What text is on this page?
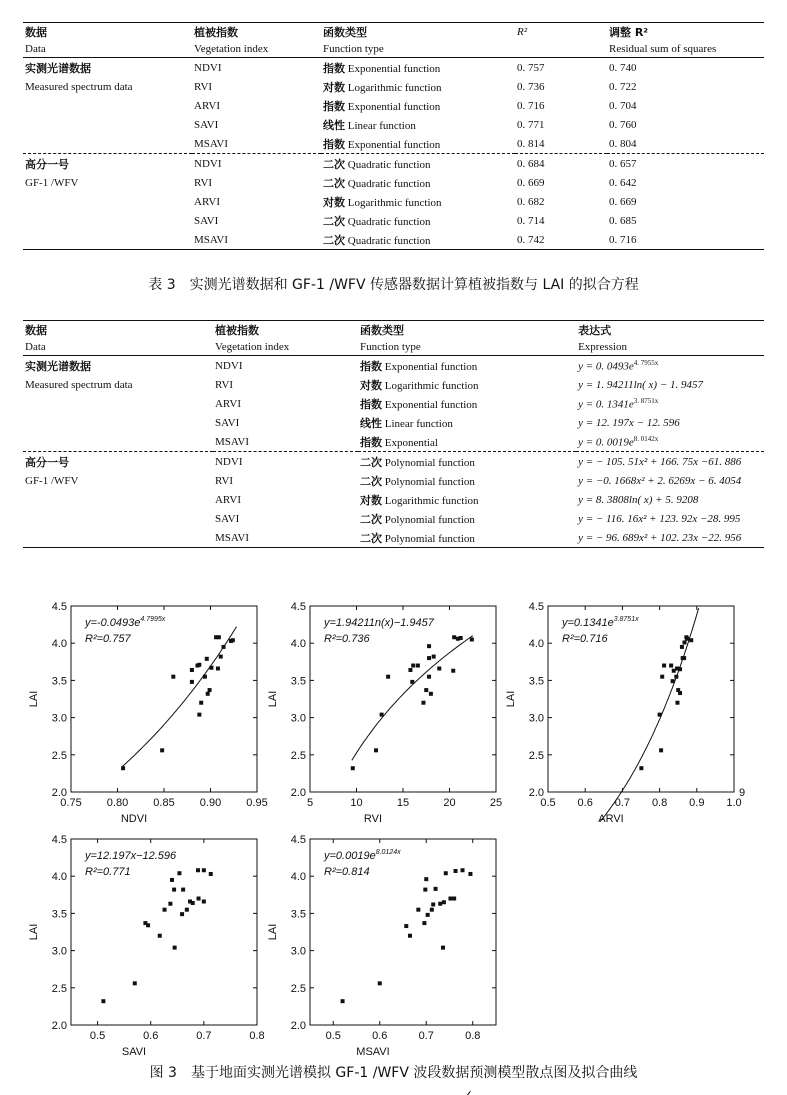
数据	植被指数	函数类型	R²	调整 R²
Data	Vegetation index	Function type		Residual sum of squares
实测光谱数据	NDVI	指数 Exponential function	0. 757	0. 740
Measured spectrum data	RVI	对数 Logarithmic function	0. 736	0. 722
	ARVI	指数 Exponential function	0. 716	0. 704
	SAVI	线性 Linear function	0. 771	0. 760
	MSAVI	指数 Exponential function	0. 814	0. 804
高分一号	NDVI	二次 Quadratic function	0. 684	0. 657
GF-1 /WFV	RVI	二次 Quadratic function	0. 669	0. 642
	ARVI	对数 Logarithmic function	0. 682	0. 669
	SAVI	二次 Quadratic function	0. 714	0. 685
	MSAVI	二次 Quadratic function	0. 742	0. 716
表 3　实测光谱数据和 GF-1 /WFV 传感器数据计算植被指数与 LAI 的拟合方程
数据	植被指数	函数类型	表达式
Data	Vegetation index	Function type	Expression
实测光谱数据	NDVI	指数 Exponential function	y = 0. $0493e^{4. 7955x}$
Measured spectrum data	RVI	对数 Logarithmic function	y = 1. 94211ln( x) − 1. 9457
	ARVI	指数 Exponential function	y = 0. $1341e^{3. 8751x}$
	SAVI	线性 Linear function	y = 12. 197x − 12. 596
	MSAVI	指数 Exponential	y = 0. $0019e^{8. 0142x}$
高分一号	NDVI	二次 Polynomial function	y = − 105. 51x² + 166. 75x −61. 886
GF-1 /WFV	RVI	二次 Polynomial function	y = −0. 1668x² + 2. 6269x − 6. 4054
	ARVI	对数 Logarithmic function	y = 8. 3808ln( x) + 5. 9208
	SAVI	二次 Polynomial function	y = − 116. 16x² + 123. 92x −28. 995
	MSAVI	二次 Polynomial function	y = − 96. 689x² + 102. 23x −22. 956
2.0
2.5
3.0
3.5
4.0
4.5
0.75 0.80 0.85 0.90 0.95
NDVI
LAI
$y=-0.0493e^{4.7995x}$
R²=0.757
2.0
2.5
3.0
3.5
4.0
4.5
5	10	15	20	25
RVI
LAI
y=1.94211n(x)−1.9457
R²=0.736
2.0
2.5
3.0
3.5
4.0
4.5
0.5 0.6 0.7 0.8 0.9 1.0
ARVI
LAI
$y=0.1341e^{3.8751x}$
R²=0.716
2.0
2.5
3.0
3.5
4.0
4.5
0.5	0.6	0.7	0.8
SAVI
LAI
y=12.197x−12.596
R²=0.771
2.0
2.5
3.0
3.5
4.0
4.5
0.5	0.6	0.7	0.8
MSAVI
LAI
$y=0.0019e^{8.0124x}$
R²=0.814
9
图 3　基于地面实测光谱模拟 GF-1 /WFV 波段数据预测模型散点图及拟合曲线
